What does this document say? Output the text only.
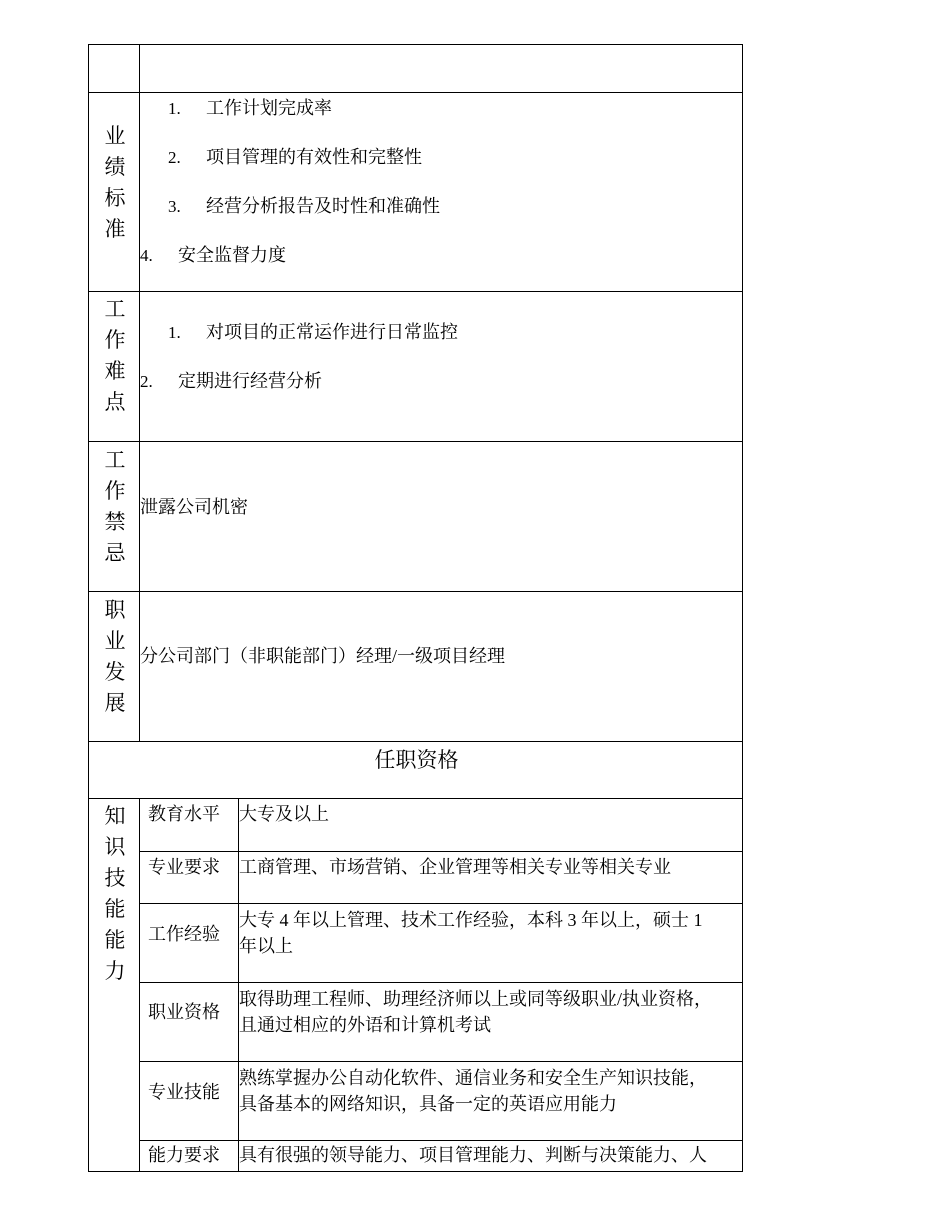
业
绩
标
准
1. 工作计划完成率
2. 项目管理的有效性和完整性
3. 经营分析报告及时性和准确性
4. 安全监督力度
工
作
难
点
1. 对项目的正常运作进行日常监控
2. 定期进行经营分析
工
作
禁
忌
泄露公司机密
职
业
发
展
分公司部门（非职能部门）经理/一级项目经理
任职资格
知
识
技
能
能
力
教育水平 大专及以上
专业要求 工商管理、市场营销、企业管理等相关专业等相关专业
工作经验
大专 4 年以上管理、技术工作经验，本科 3 年以上，硕士 1
年以上
职业资格
取得助理工程师、助理经济师以上或同等级职业/执业资格，
且通过相应的外语和计算机考试
专业技能
熟练掌握办公自动化软件、通信业务和安全生产知识技能，
具备基本的网络知识，具备一定的英语应用能力
能力要求 具有很强的领导能力、项目管理能力、判断与决策能力、人
